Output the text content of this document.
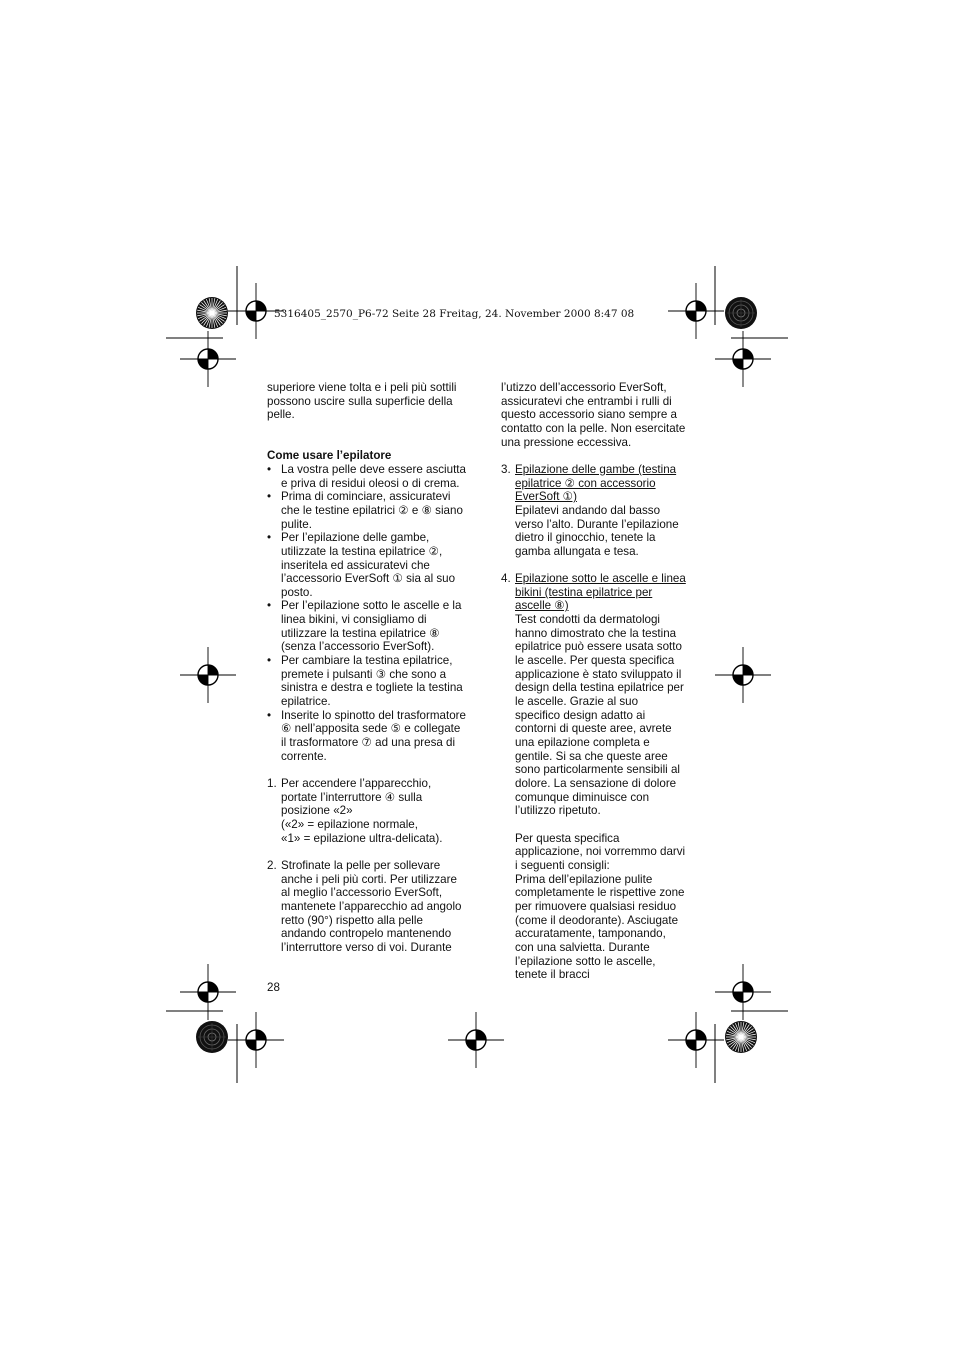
5316405_2570_P6-72 Seite 28 Freitag, 24. November 2000 8:47 08

superiore viene tolta e i peli più sottili possono uscire sulla superficie della pelle.

Come usare l’epilatore

• La vostra pelle deve essere asciutta e priva di residui oleosi o di crema.

• Prima di cominciare, assicuratevi che le testine epilatrici ② e ⑧ siano pulite.

• Per l’epilazione delle gambe, utilizzate la testina epilatrice ②, inseritela ed assicuratevi che l’accessorio EverSoft ① sia al suo posto.

• Per l’epilazione sotto le ascelle e la linea bikini, vi consigliamo di utilizzare la testina epilatrice ⑧ (senza l’accessorio EverSoft).

• Per cambiare la testina epilatrice, premete i pulsanti ③ che sono a sinistra e destra e togliete la testina epilatrice.

• Inserite lo spinotto del trasformatore ⑥ nell’apposita sede ⑤ e collegate il trasformatore ⑦ ad una presa di corrente.

1. Per accendere l’apparecchio, portate l’interruttore ④ sulla posizione «2»

(«2» = epilazione normale,

«1» = epilazione ultra-delicata).

2. Strofinate la pelle per sollevare anche i peli più corti. Per utilizzare al meglio l’accessorio EverSoft, mantenete l’apparecchio ad angolo retto (90°) rispetto alla pelle andando contropelo mantenendo l’interruttore verso di voi. Durante

l’utizzo dell’accessorio EverSoft, assicuratevi che entrambi i rulli di questo accessorio siano sempre a contatto con la pelle. Non esercitate una pressione eccessiva.

3. Epilazione delle gambe (testina epilatrice ② con accessorio EverSoft ①)

Epilatevi andando dal basso verso l’alto. Durante l’epilazione dietro il ginocchio, tenete la gamba allungata e tesa.

4. Epilazione sotto le ascelle e linea bikini (testina epilatrice per ascelle ⑧)

Test condotti da dermatologi hanno dimostrato che la testina epilatrice può essere usata sotto le ascelle. Per questa specifica applicazione è stato sviluppato il design della testina epilatrice per le ascelle. Grazie al suo specifico design adatto ai contorni di queste aree, avrete una epilazione completa e gentile. Si sa che queste aree sono particolarmente sensibili al dolore. La sensazione di dolore comunque diminuisce con l’utilizzo ripetuto.

Per questa specifica applicazione, noi vorremmo darvi i seguenti consigli:

Prima dell’epilazione pulite completamente le rispettive zone per rimuovere qualsiasi residuo (come il deodorante). Asciugate accuratamente, tamponando, con una salvietta. Durante l’epilazione sotto le ascelle, tenete il bracci

28
